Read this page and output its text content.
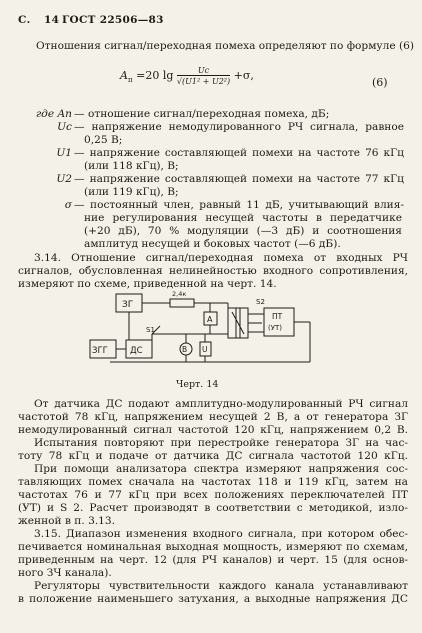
С. 14 ГОСТ 22506—83
Отношения сигнал/переходная помеха определяют по формуле (6)
$A_п =20$ $\lg \frac{Uс}{\text{√(U1² + U2²)}} +\sigma$,
(6)
где Aп — отношение сигнал/переходная помеха, дБ;
Uс — напряжение немодулированного РЧ сигнала, равное
0,25 В;
U1 — напряжение составляющей помехи на частоте 76 кГц
(или 118 кГц), В;
U2 — напряжение составляющей помехи на частоте 77 кГц
(или 119 кГц), В;
σ — постоянный член, равный 11 дБ, учитывающий влия-
ние регулирования несущей частоты в передатчике
(+20 дБ), 70 % модуляции (—3 дБ) и соотношения
амплитуд несущей и боковых частот (—6 дБ).
3.14. Отношение сигнал/переходная помеха от входных РЧ
сигналов, обусловленная нелинейностью входного сопротивления,
измеряют по схеме, приведенной на черт. 14.
ЗГ
2,4к
S2
ПТ
(УТ)
A
S1
ЗГГ	ДС	В U
Черт. 14
От датчика ДС подают амплитудно-модулированный РЧ сигнал
частотой 78 кГц, напряжением несущей 2 В, а от генератора ЗГ
немодулированный сигнал частотой 120 кГц, напряжением 0,2 В.
Испытания повторяют при перестройке генератора ЗГ на час-
тоту 78 кГц и подаче от датчика ДС сигнала частотой 120 кГц.
При помощи анализатора спектра измеряют напряжения сос-
тавляющих помех сначала на частотах 118 и 119 кГц, затем на
частотах 76 и 77 кГц при всех положениях переключателей ПТ
(УТ) и S 2. Расчет производят в соответствии с методикой, изло-
женной в п. 3.13.
3.15. Диапазон изменения входного сигнала, при котором обес-
печивается номинальная выходная мощность, измеряют по схемам,
приведенным на черт. 12 (для РЧ каналов) и черт. 15 (для основ-
ного ЗЧ канала).
Регуляторы чувствительности каждого канала устанавливают
в положение наименьшего затухания, а выходные напряжения ДС
